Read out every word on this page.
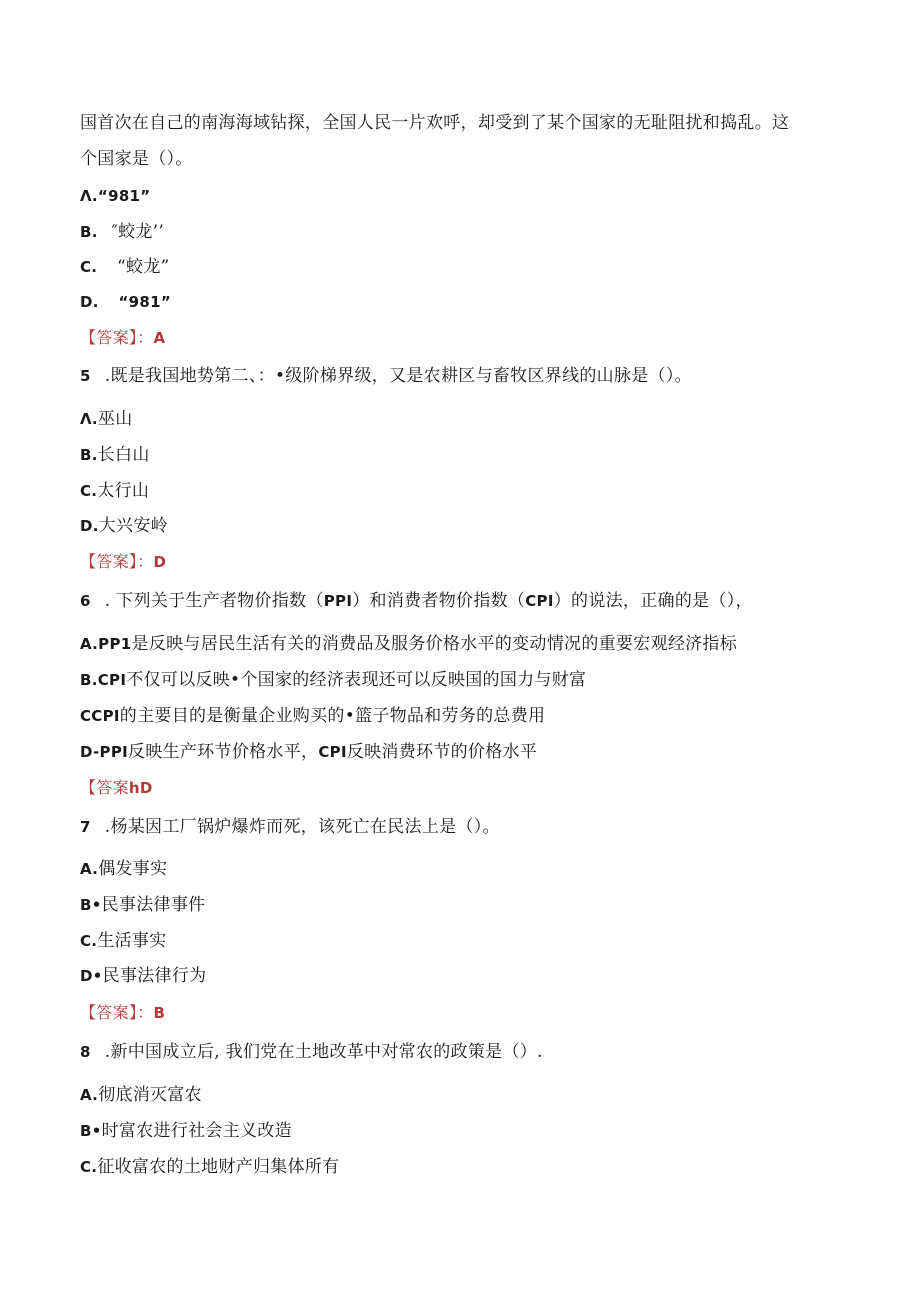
国首次在自己的南海海域钻探，全国人民一片欢呼，却受到了某个国家的无耻阻扰和捣乱。这
个国家是（）。
Λ.“981”
B. ″蛟龙’’
C. “蛟龙”
D. “981”
【答案】：A
5 .既是我国地势第二、：•级阶梯界级，又是农耕区与畜牧区界线的山脉是（）。
Λ.巫山
B.长白山
C.太行山
D.大兴安岭
【答案】：D
6 . 下列关于生产者物价指数（PPI）和消费者物价指数（CPI）的说法，正确的是（），
A.PP1是反映与居民生活有关的消费品及服务价格水平的变动情况的重要宏观经济指标
B.CPI不仅可以反映•个国家的经济表现还可以反映国的国力与财富
CCPI的主要目的是衡量企业购买的•篮子物品和劳务的总费用
D-PPI反映生产环节价格水平，CPI反映消费环节的价格水平
【答案hD
7 .杨某因工厂锅炉爆炸而死，该死亡在民法上是（）。
A.偶发事实
B•民事法律事件
C.生活事实
D•民事法律行为
【答案】：B
8 .新中国成立后, 我们党在土地改革中对常农的政策是（）.
A.彻底消灭富农
B•时富农进行社会主义改造
C.征收富农的土地财产归集体所有
